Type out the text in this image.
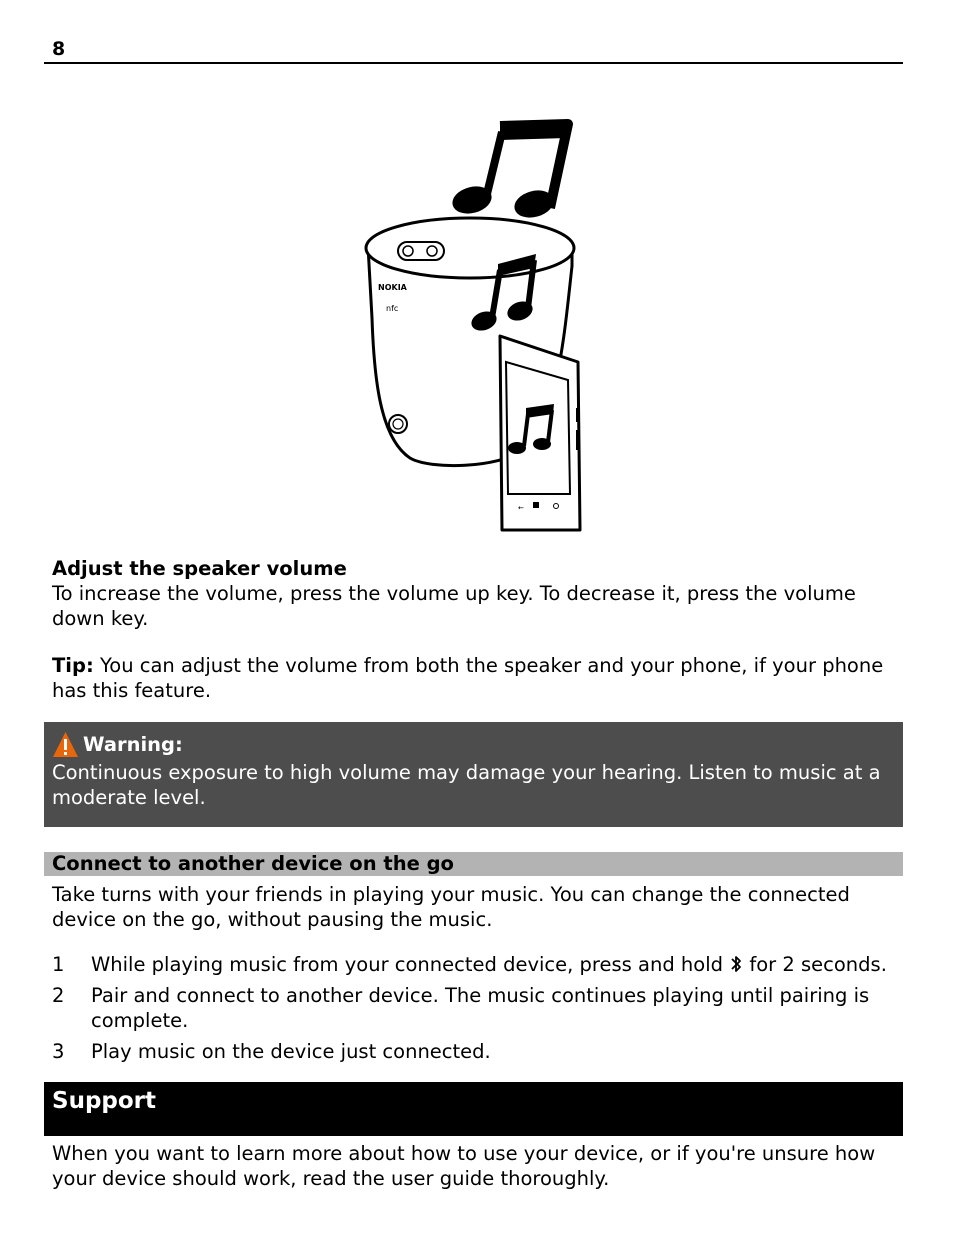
8
NOKIA
nfc
←
Adjust the speaker volume
To increase the volume, press the volume up key. To decrease it, press the volume down key.
Tip: You can adjust the volume from both the speaker and your phone, if your phone has this feature.
Warning:
Continuous exposure to high volume may damage your hearing. Listen to music at a moderate level.
Connect to another device on the go
Take turns with your friends in playing your music. You can change the connected device on the go, without pausing the music.
1	While playing music from your connected device, press and hold  for 2 seconds.
2	Pair and connect to another device. The music continues playing until pairing is complete.
3	Play music on the device just connected.
Support
When you want to learn more about how to use your device, or if you're unsure how your device should work, read the user guide thoroughly.
